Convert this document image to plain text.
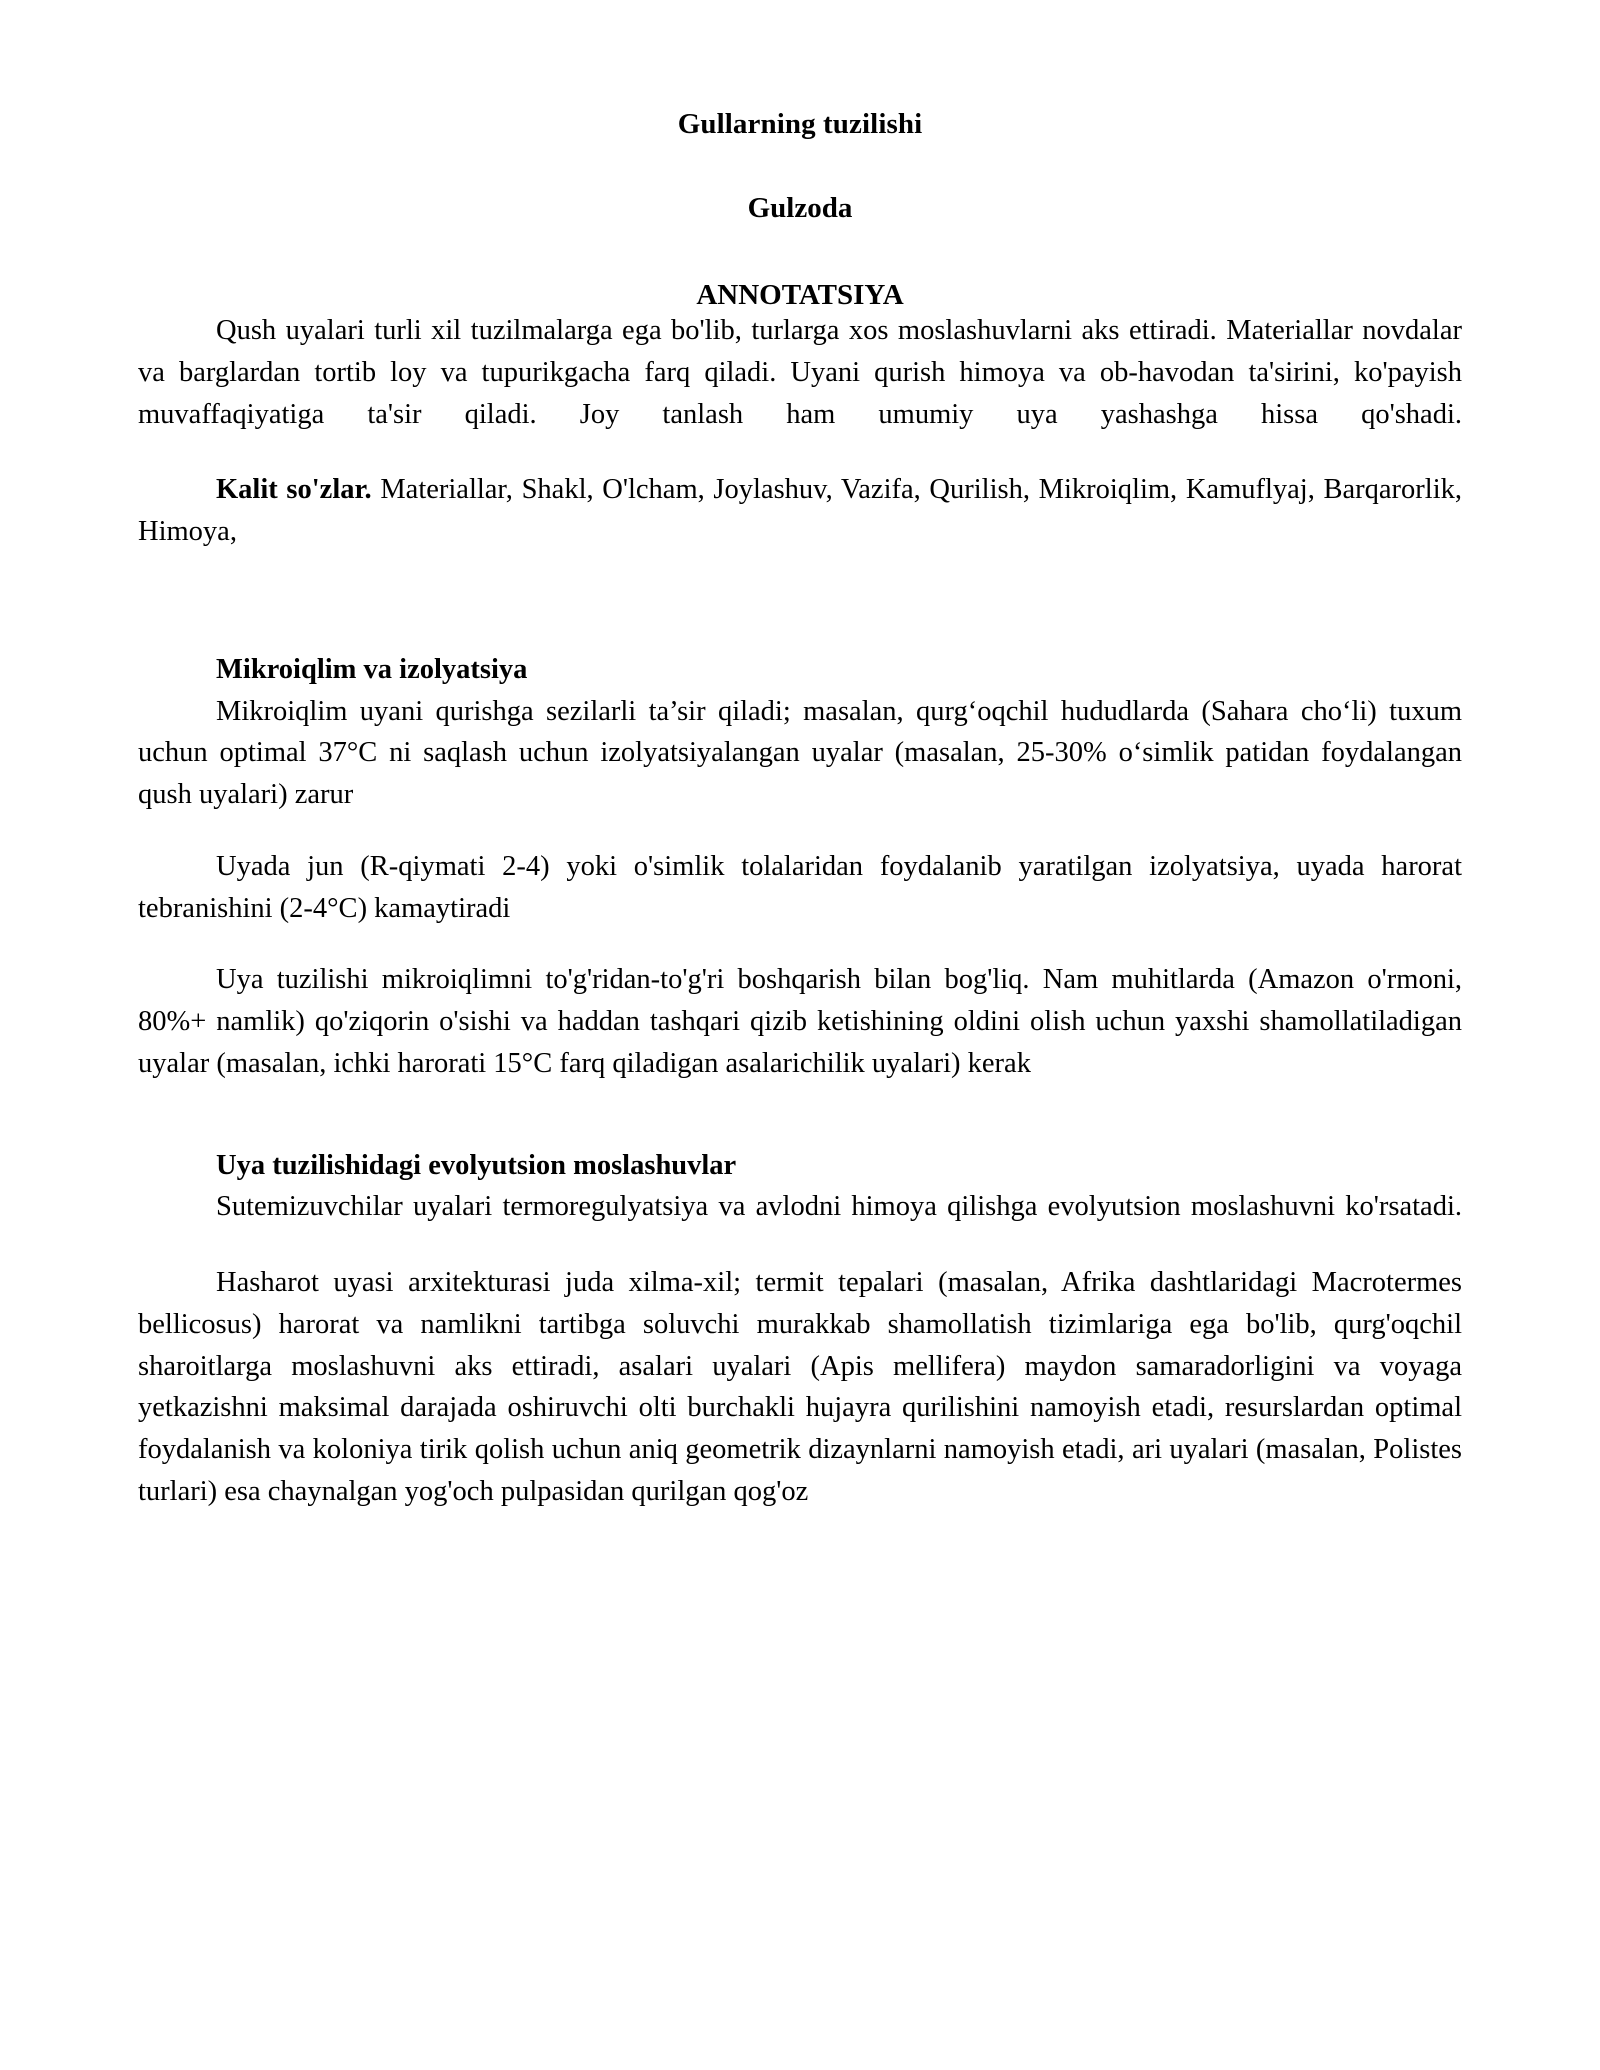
Gullarning tuzilishi
Gulzoda
ANNOTATSIYA

Qush uyalari turli xil tuzilmalarga ega bo'lib, turlarga xos moslashuvlarni aks ettiradi. Materiallar novdalar va barglardan tortib loy va tupurikgacha farq qiladi. Uyani qurish himoya va ob-havodan ta'sirini, ko'payish muvaffaqiyatiga ta'sir qiladi. Joy tanlash ham umumiy uya yashashga hissa qo'shadi.

Kalit so'zlar. Materiallar, Shakl, O'lcham, Joylashuv, Vazifa, Qurilish, Mikroiqlim, Kamuflyaj, Barqarorlik, Himoya,

Mikroiqlim va izolyatsiya

Mikroiqlim uyani qurishga sezilarli ta’sir qiladi; masalan, qurg‘oqchil hududlarda (Sahara cho‘li) tuxum uchun optimal 37°C ni saqlash uchun izolyatsiyalangan uyalar (masalan, 25-30% o‘simlik patidan foydalangan qush uyalari) zarur

Uyada jun (R-qiymati 2-4) yoki o'simlik tolalaridan foydalanib yaratilgan izolyatsiya, uyada harorat tebranishini (2-4°C) kamaytiradi

Uya tuzilishi mikroiqlimni to'g'ridan-to'g'ri boshqarish bilan bog'liq. Nam muhitlarda (Amazon o'rmoni, 80%+ namlik) qo'ziqorin o'sishi va haddan tashqari qizib ketishining oldini olish uchun yaxshi shamollatiladigan uyalar (masalan, ichki harorati 15°C farq qiladigan asalarichilik uyalari) kerak

Uya tuzilishidagi evolyutsion moslashuvlar

Sutemizuvchilar uyalari termoregulyatsiya va avlodni himoya qilishga evolyutsion moslashuvni ko'rsatadi.

Hasharot uyasi arxitekturasi juda xilma-xil; termit tepalari (masalan, Afrika dashtlaridagi Macrotermes bellicosus) harorat va namlikni tartibga soluvchi murakkab shamollatish tizimlariga ega bo'lib, qurg'oqchil sharoitlarga moslashuvni aks ettiradi, asalari uyalari (Apis mellifera) maydon samaradorligini va voyaga yetkazishni maksimal darajada oshiruvchi olti burchakli hujayra qurilishini namoyish etadi, resurslardan optimal foydalanish va koloniya tirik qolish uchun aniq geometrik dizaynlarni namoyish etadi, ari uyalari (masalan, Polistes turlari) esa chaynalgan yog'och pulpasidan qurilgan qog'oz
